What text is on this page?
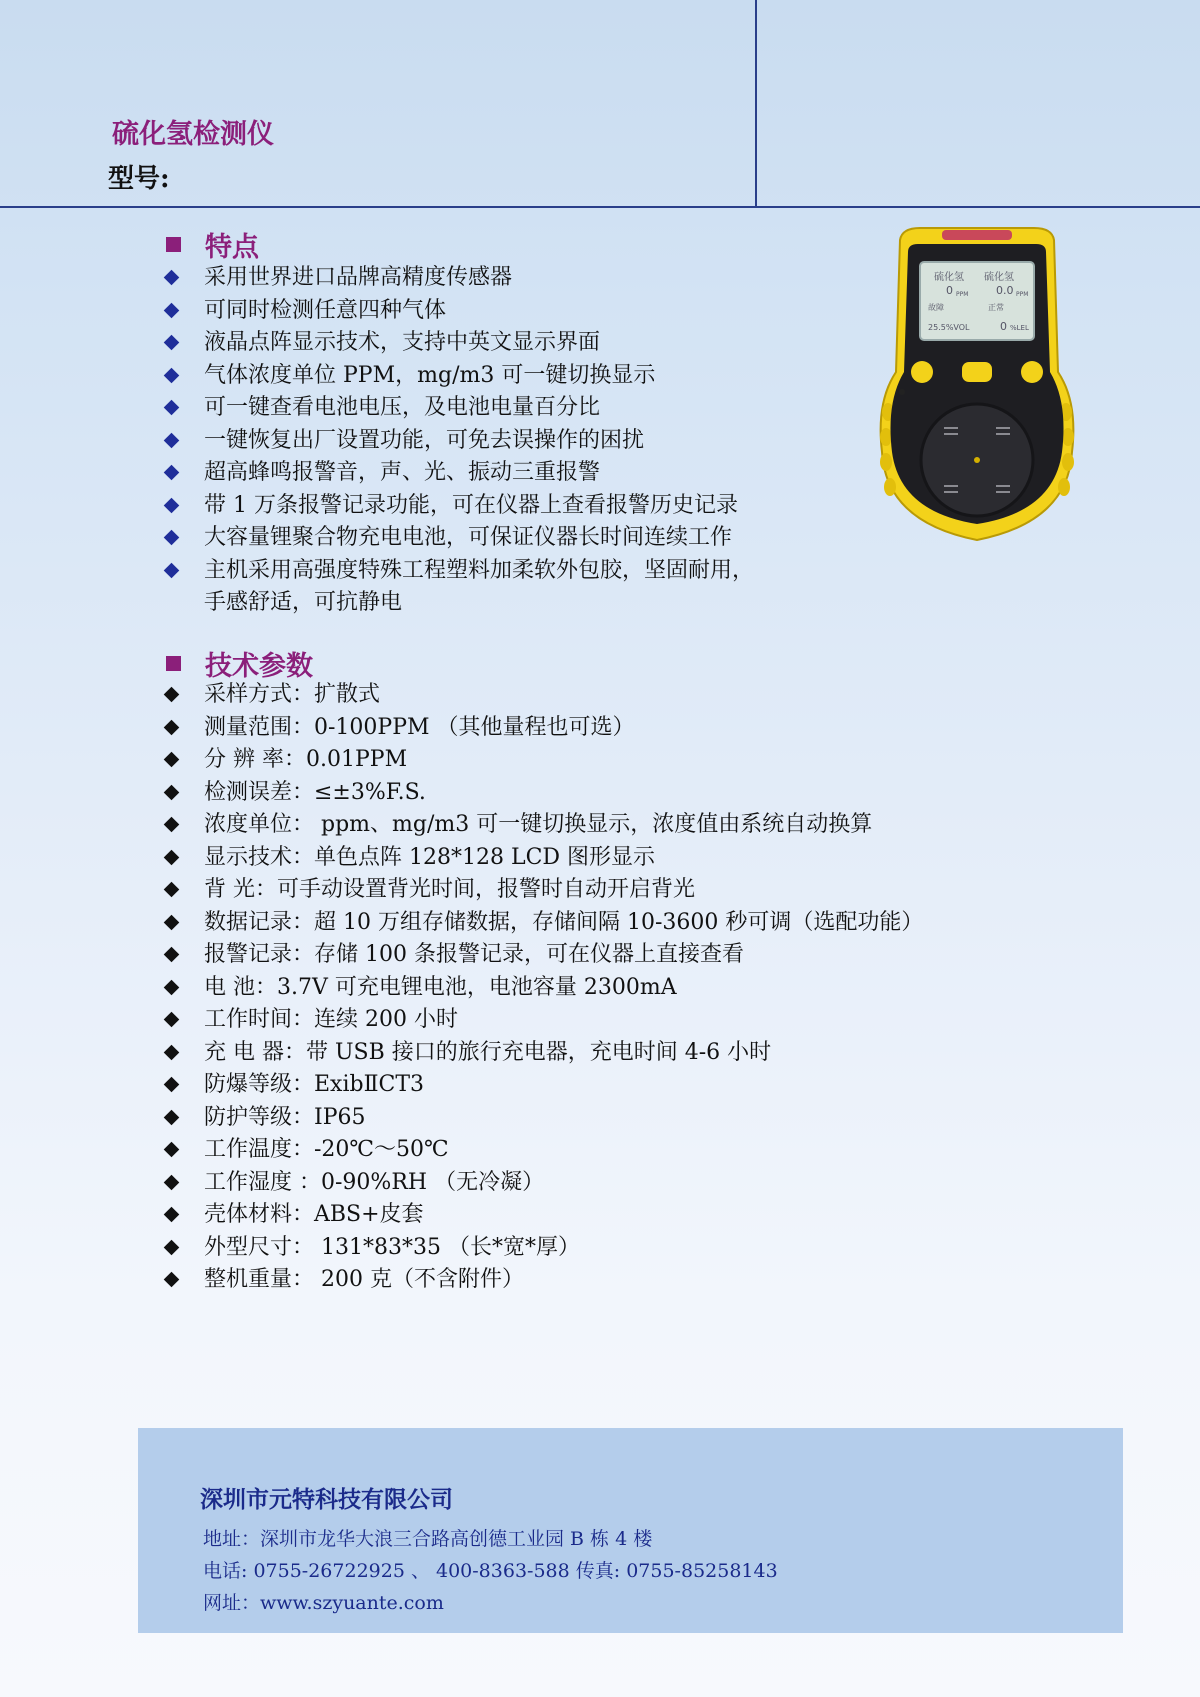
硫化氢检测仪
型号:
特点
采用世界进口品牌高精度传感器
可同时检测任意四种气体
液晶点阵显示技术，支持中英文显示界面
气体浓度单位 PPM，mg/m3 可一键切换显示
可一键查看电池电压，及电池电量百分比
一键恢复出厂设置功能，可免去误操作的困扰
超高蜂鸣报警音，声、光、振动三重报警
带 1 万条报警记录功能，可在仪器上查看报警历史记录
大容量锂聚合物充电电池，可保证仪器长时间连续工作
主机采用高强度特殊工程塑料加柔软外包胶，坚固耐用，
手感舒适，可抗静电
技术参数
采样方式：扩散式
测量范围：0-100PPM （其他量程也可选）
分 辨 率：0.01PPM
检测误差：≤±3%F.S.
浓度单位： ppm、mg/m3 可一键切换显示，浓度值由系统自动换算
显示技术：单色点阵 128*128 LCD 图形显示
背 光：可手动设置背光时间，报警时自动开启背光
数据记录：超 10 万组存储数据，存储间隔 10-3600 秒可调（选配功能）
报警记录：存储 100 条报警记录，可在仪器上直接查看
电 池：3.7V 可充电锂电池，电池容量 2300mA
工作时间：连续 200 小时
充 电 器：带 USB 接口的旅行充电器，充电时间 4-6 小时
防爆等级：ExibⅡCT3
防护等级：IP65
工作温度：-20℃～50℃
工作湿度 ：0-90%RH （无冷凝）
壳体材料：ABS+皮套
外型尺寸： 131*83*35 （长*宽*厚）
整机重量： 200 克（不含附件）
硫化氢 硫化氢
0 PPM	0.0 PPM
故障	正常
25.5%VOL	0 %LEL
深圳市元特科技有限公司
地址：深圳市龙华大浪三合路高创德工业园 B 栋 4 楼
电话: 0755-26722925 、 400-8363-588 传真: 0755-85258143
网址：www.szyuante.com
